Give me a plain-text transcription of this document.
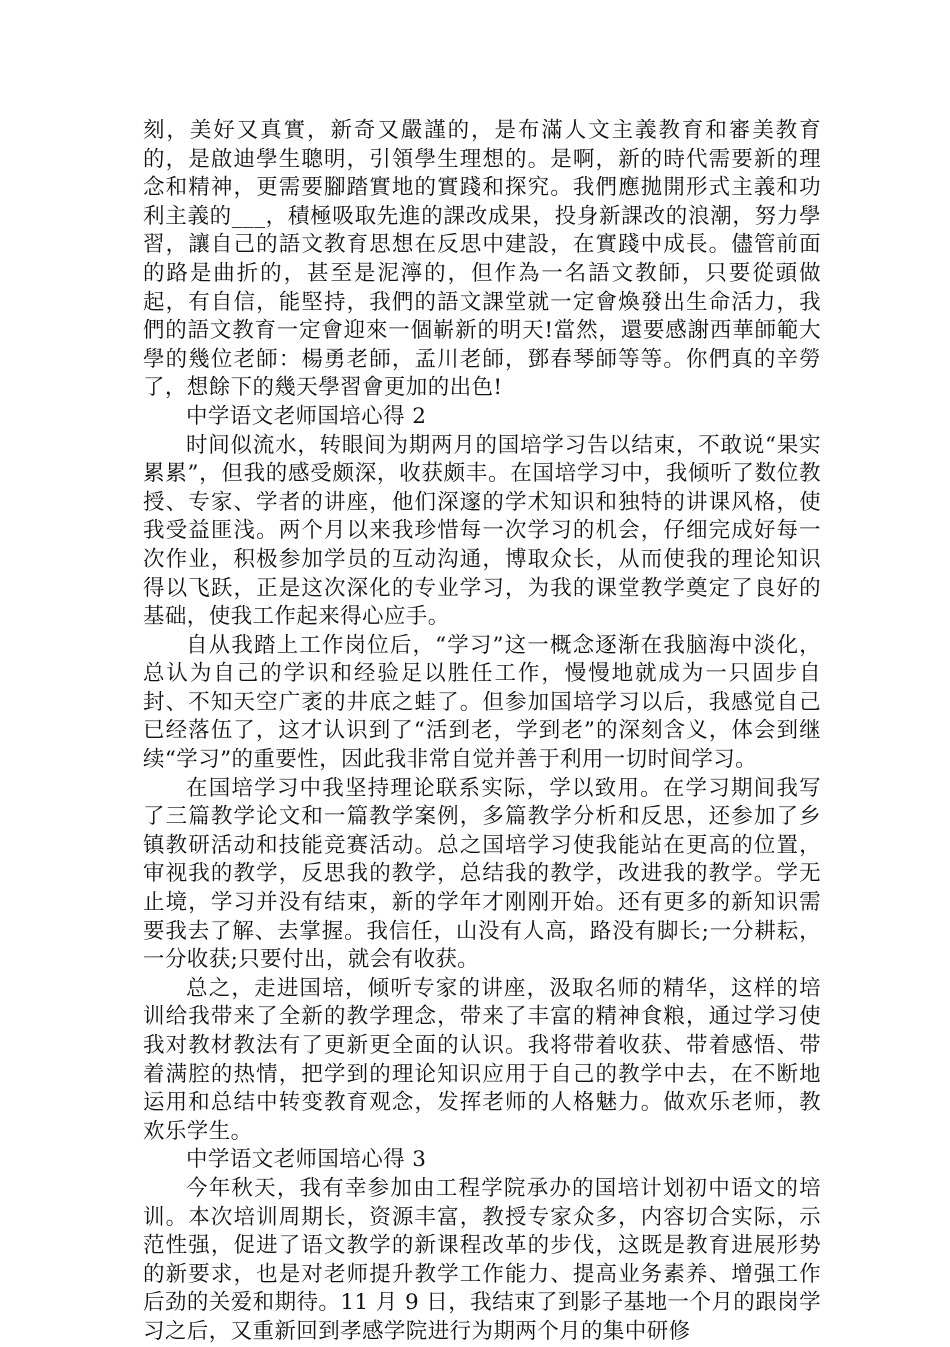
刻，美好又真實，新奇又嚴謹的，是布滿人文主義教育和審美教育的，是啟迪學生聰明，引領學生理想的。是啊，新的時代需要新的理念和精神，更需要腳踏實地的實踐和探究。我們應拋開形式主義和功利主義的___，積極吸取先進的課改成果，投身新課改的浪潮，努力學習，讓自己的語文教育思想在反思中建設，在實踐中成長。儘管前面的路是曲折的，甚至是泥濘的，但作為一名語文教師，只要從頭做起，有自信，能堅持，我們的語文課堂就一定會煥發出生命活力，我們的語文教育一定會迎來一個嶄新的明天!當然，還要感謝西華師範大學的幾位老師：楊勇老師，孟川老師，鄧春琴師等等。你們真的辛勞了，想餘下的幾天學習會更加的出色!

中学语文老师国培心得 2

时间似流水，转眼间为期两月的国培学习告以结束，不敢说“果实累累”，但我的感受颇深，收获颇丰。在国培学习中，我倾听了数位教授、专家、学者的讲座，他们深邃的学术知识和独特的讲课风格，使我受益匪浅。两个月以来我珍惜每一次学习的机会，仔细完成好每一次作业，积极参加学员的互动沟通，博取众长，从而使我的理论知识得以飞跃，正是这次深化的专业学习，为我的课堂教学奠定了良好的基础，使我工作起来得心应手。

自从我踏上工作岗位后，“学习”这一概念逐渐在我脑海中淡化，总认为自己的学识和经验足以胜任工作，慢慢地就成为一只固步自封、不知天空广袤的井底之蛙了。但参加国培学习以后，我感觉自己已经落伍了，这才认识到了“活到老，学到老”的深刻含义，体会到继续“学习”的重要性，因此我非常自觉并善于利用一切时间学习。

在国培学习中我坚持理论联系实际，学以致用。在学习期间我写了三篇教学论文和一篇教学案例，多篇教学分析和反思，还参加了乡镇教研活动和技能竞赛活动。总之国培学习使我能站在更高的位置，审视我的教学，反思我的教学，总结我的教学，改进我的教学。学无止境，学习并没有结束，新的学年才刚刚开始。还有更多的新知识需要我去了解、去掌握。我信任，山没有人高，路没有脚长;一分耕耘，一分收获;只要付出，就会有收获。

总之，走进国培，倾听专家的讲座，汲取名师的精华，这样的培训给我带来了全新的教学理念，带来了丰富的精神食粮，通过学习使我对教材教法有了更新更全面的认识。我将带着收获、带着感悟、带着满腔的热情，把学到的理论知识应用于自己的教学中去，在不断地运用和总结中转变教育观念，发挥老师的人格魅力。做欢乐老师，教欢乐学生。

中学语文老师国培心得 3

今年秋天，我有幸参加由工程学院承办的国培计划初中语文的培训。本次培训周期长，资源丰富，教授专家众多，内容切合实际，示范性强，促进了语文教学的新课程改革的步伐，这既是教育进展形势的新要求，也是对老师提升教学工作能力、提高业务素养、增强工作后劲的关爱和期待。11 月 9 日，我结束了到影子基地一个月的跟岗学习之后，又重新回到孝感学院进行为期两个月的集中研修
